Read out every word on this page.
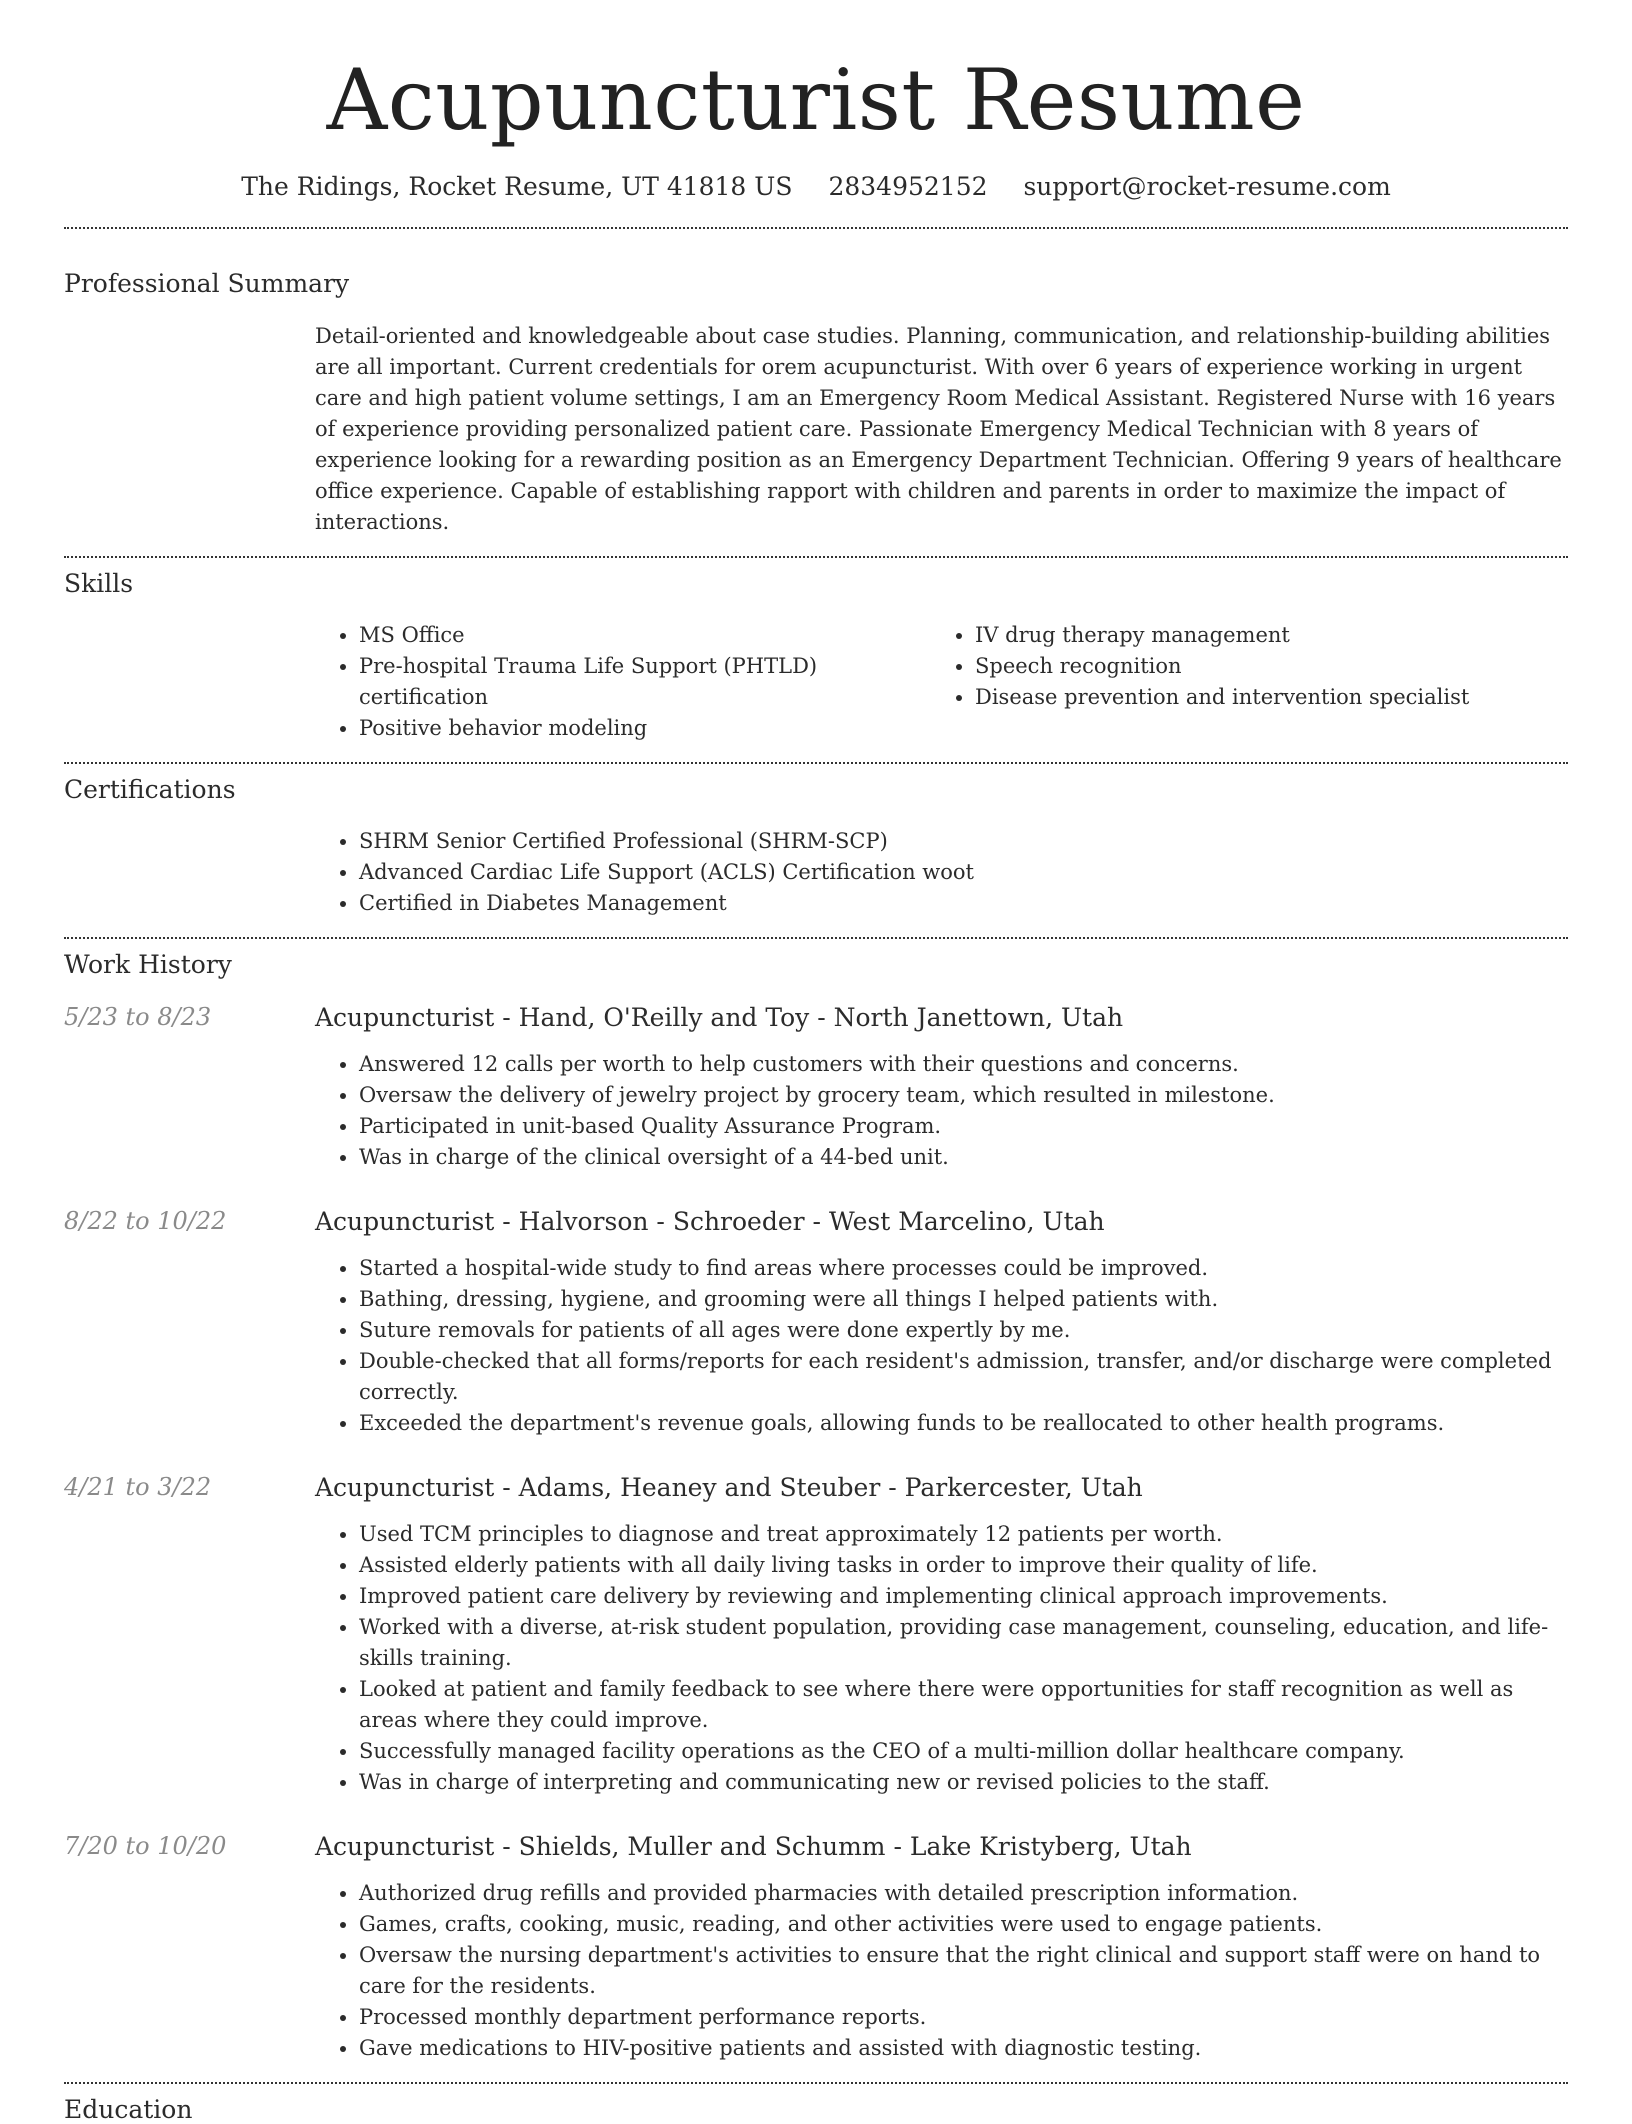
Acupuncturist Resume
The Ridings, Rocket Resume, UT 41818 US 2834952152 support@rocket-resume.com
Professional Summary
Detail-oriented and knowledgeable about case studies. Planning, communication, and relationship-building abilities are all important. Current credentials for orem acupuncturist. With over 6 years of experience working in urgent care and high patient volume settings, I am an Emergency Room Medical Assistant. Registered Nurse with 16 years of experience providing personalized patient care. Passionate Emergency Medical Technician with 8 years of experience looking for a rewarding position as an Emergency Department Technician. Offering 9 years of healthcare office experience. Capable of establishing rapport with children and parents in order to maximize the impact of interactions.
Skills
• MS Office
• Pre-hospital Trauma Life Support (PHTLD) certification
• Positive behavior modeling
• IV drug therapy management
• Speech recognition
• Disease prevention and intervention specialist
Certifications
• SHRM Senior Certified Professional (SHRM-SCP)
• Advanced Cardiac Life Support (ACLS) Certification woot
• Certified in Diabetes Management
Work History
5/23 to 8/23	Acupuncturist - Hand, O'Reilly and Toy - North Janettown, Utah
• Answered 12 calls per worth to help customers with their questions and concerns.
• Oversaw the delivery of jewelry project by grocery team, which resulted in milestone.
• Participated in unit-based Quality Assurance Program.
• Was in charge of the clinical oversight of a 44-bed unit.
8/22 to 10/22	Acupuncturist - Halvorson - Schroeder - West Marcelino, Utah
• Started a hospital-wide study to find areas where processes could be improved.
• Bathing, dressing, hygiene, and grooming were all things I helped patients with.
• Suture removals for patients of all ages were done expertly by me.
• Double-checked that all forms/reports for each resident's admission, transfer, and/or discharge were completed correctly.
• Exceeded the department's revenue goals, allowing funds to be reallocated to other health programs.
4/21 to 3/22	Acupuncturist - Adams, Heaney and Steuber - Parkercester, Utah
• Used TCM principles to diagnose and treat approximately 12 patients per worth.
• Assisted elderly patients with all daily living tasks in order to improve their quality of life.
• Improved patient care delivery by reviewing and implementing clinical approach improvements.
• Worked with a diverse, at-risk student population, providing case management, counseling, education, and life-skills training.
• Looked at patient and family feedback to see where there were opportunities for staff recognition as well as areas where they could improve.
• Successfully managed facility operations as the CEO of a multi-million dollar healthcare company.
• Was in charge of interpreting and communicating new or revised policies to the staff.
7/20 to 10/20	Acupuncturist - Shields, Muller and Schumm - Lake Kristyberg, Utah
• Authorized drug refills and provided pharmacies with detailed prescription information.
• Games, crafts, cooking, music, reading, and other activities were used to engage patients.
• Oversaw the nursing department's activities to ensure that the right clinical and support staff were on hand to care for the residents.
• Processed monthly department performance reports.
• Gave medications to HIV-positive patients and assisted with diagnostic testing.
Education
